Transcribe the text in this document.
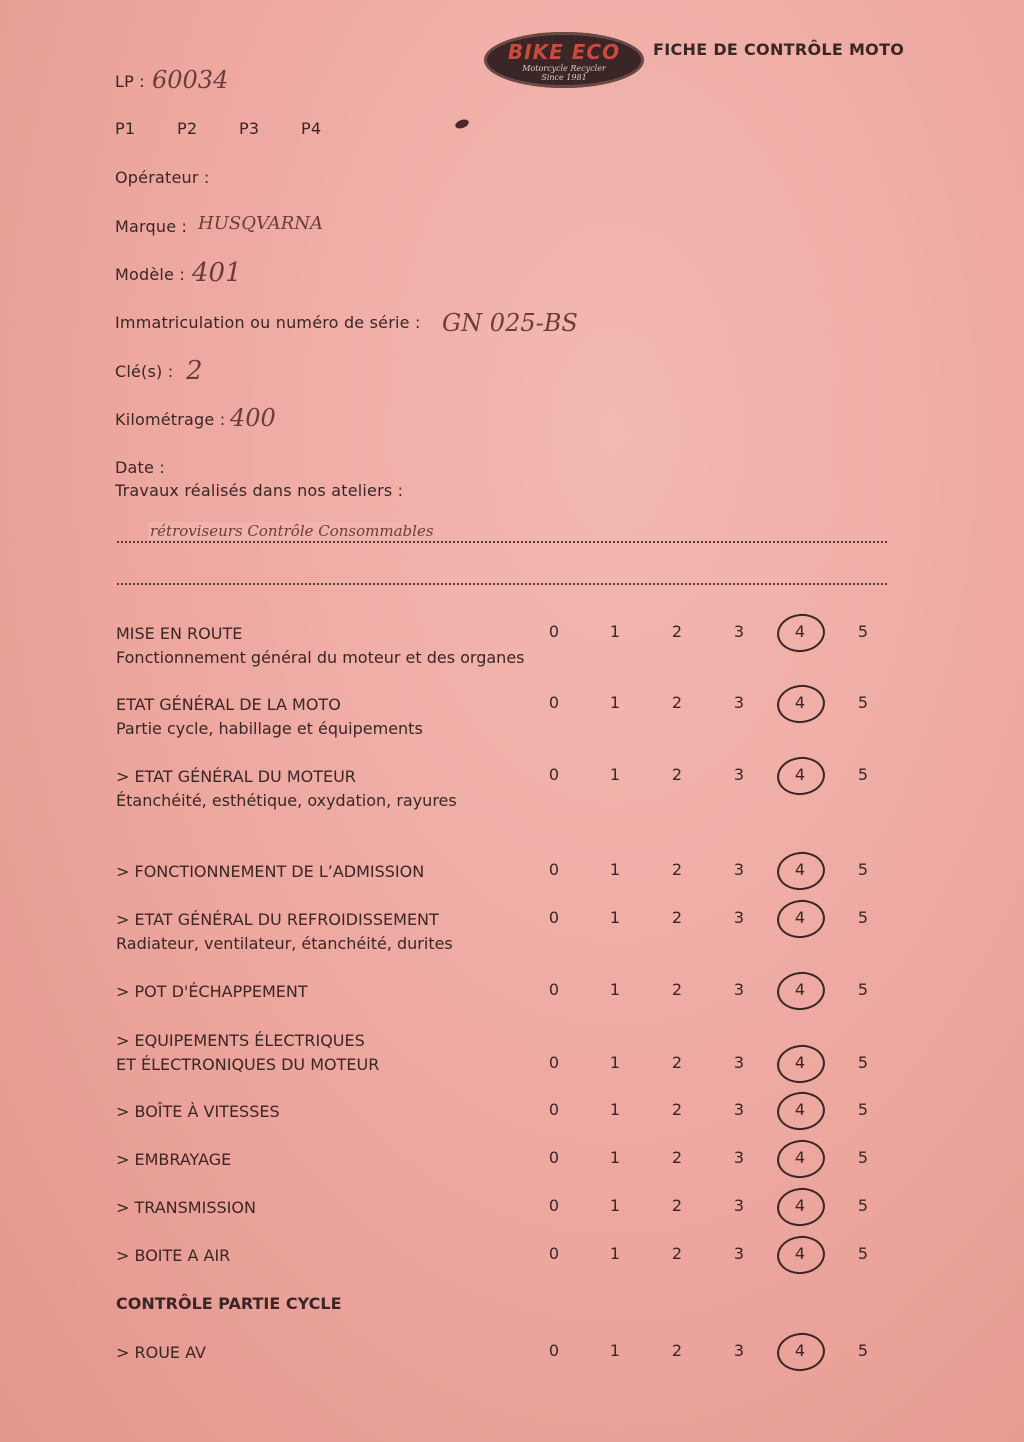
BIKE ECO
Motorcycle Recycler
Since 1981
FICHE DE CONTRÔLE MOTO
LP : 60034
P1	P2	P3	P4
Opérateur :
Marque : HUSQVARNA
Modèle : 401
Immatriculation ou numéro de série : GN 025-BS
Clé(s) : 2
Kilométrage : 400
Date :
Travaux réalisés dans nos ateliers :
rétroviseurs Contrôle Consommables
MISE EN ROUTE
Fonctionnement général du moteur et des organes
0	1	2	3	4	5
ETAT GÉNÉRAL DE LA MOTO
Partie cycle, habillage et équipements
0	1	2	3	4	5
> ETAT GÉNÉRAL DU MOTEUR
Étanchéité, esthétique, oxydation, rayures
0	1	2	3	4	5
> FONCTIONNEMENT DE L’ADMISSION	0	1	2	3	4	5
> ETAT GÉNÉRAL DU REFROIDISSEMENT
Radiateur, ventilateur, étanchéité, durites
0	1	2	3	4	5
> POT D'ÉCHAPPEMENT	0	1	2	3	4	5
> EQUIPEMENTS ÉLECTRIQUES
ET ÉLECTRONIQUES DU MOTEUR	0	1	2	3	4	5
> BOÎTE À VITESSES	0	1	2	3	4	5
> EMBRAYAGE	0	1	2	3	4	5
> TRANSMISSION	0	1	2	3	4	5
> BOITE A AIR	0	1	2	3	4	5
> ROUE AV	0	1	2	3	4	5
CONTRÔLE PARTIE CYCLE
